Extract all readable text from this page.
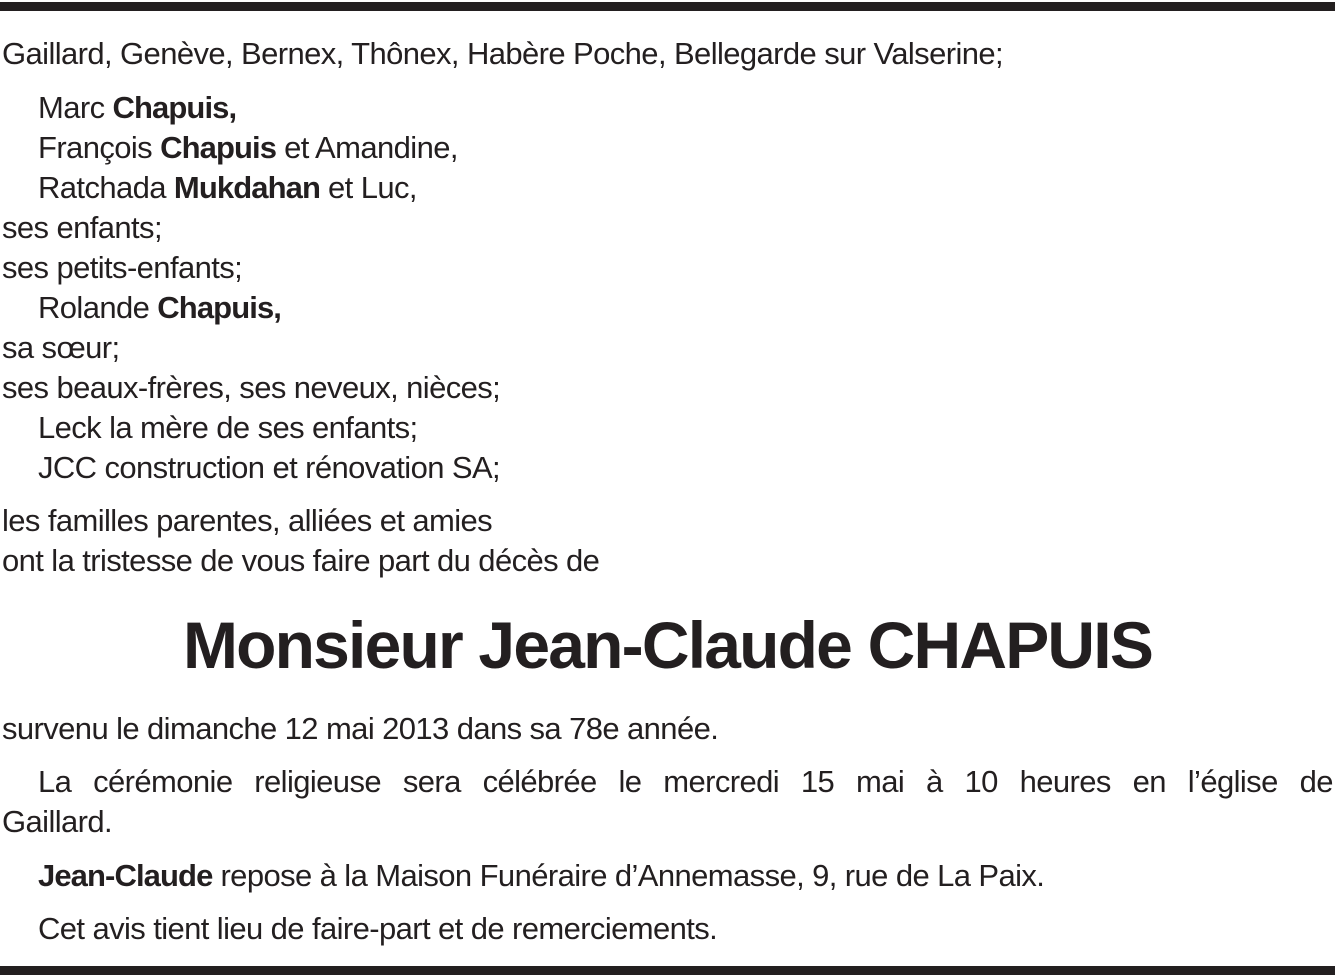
Gaillard, Genève, Bernex, Thônex, Habère Poche, Bellegarde sur Valserine;
Marc Chapuis,
François Chapuis et Amandine,
Ratchada Mukdahan et Luc,
ses enfants;
ses petits-enfants;
Rolande Chapuis,
sa sœur;
ses beaux-frères, ses neveux, nièces;
Leck la mère de ses enfants;
JCC construction et rénovation SA;
les familles parentes, alliées et amies
ont la tristesse de vous faire part du décès de
Monsieur Jean-Claude CHAPUIS
survenu le dimanche 12 mai 2013 dans sa 78e année.
La cérémonie religieuse sera célébrée le mercredi 15 mai à 10 heures en l’église de
Gaillard.
Jean-Claude repose à la Maison Funéraire d’Annemasse, 9, rue de La Paix.
Cet avis tient lieu de faire-part et de remerciements.
